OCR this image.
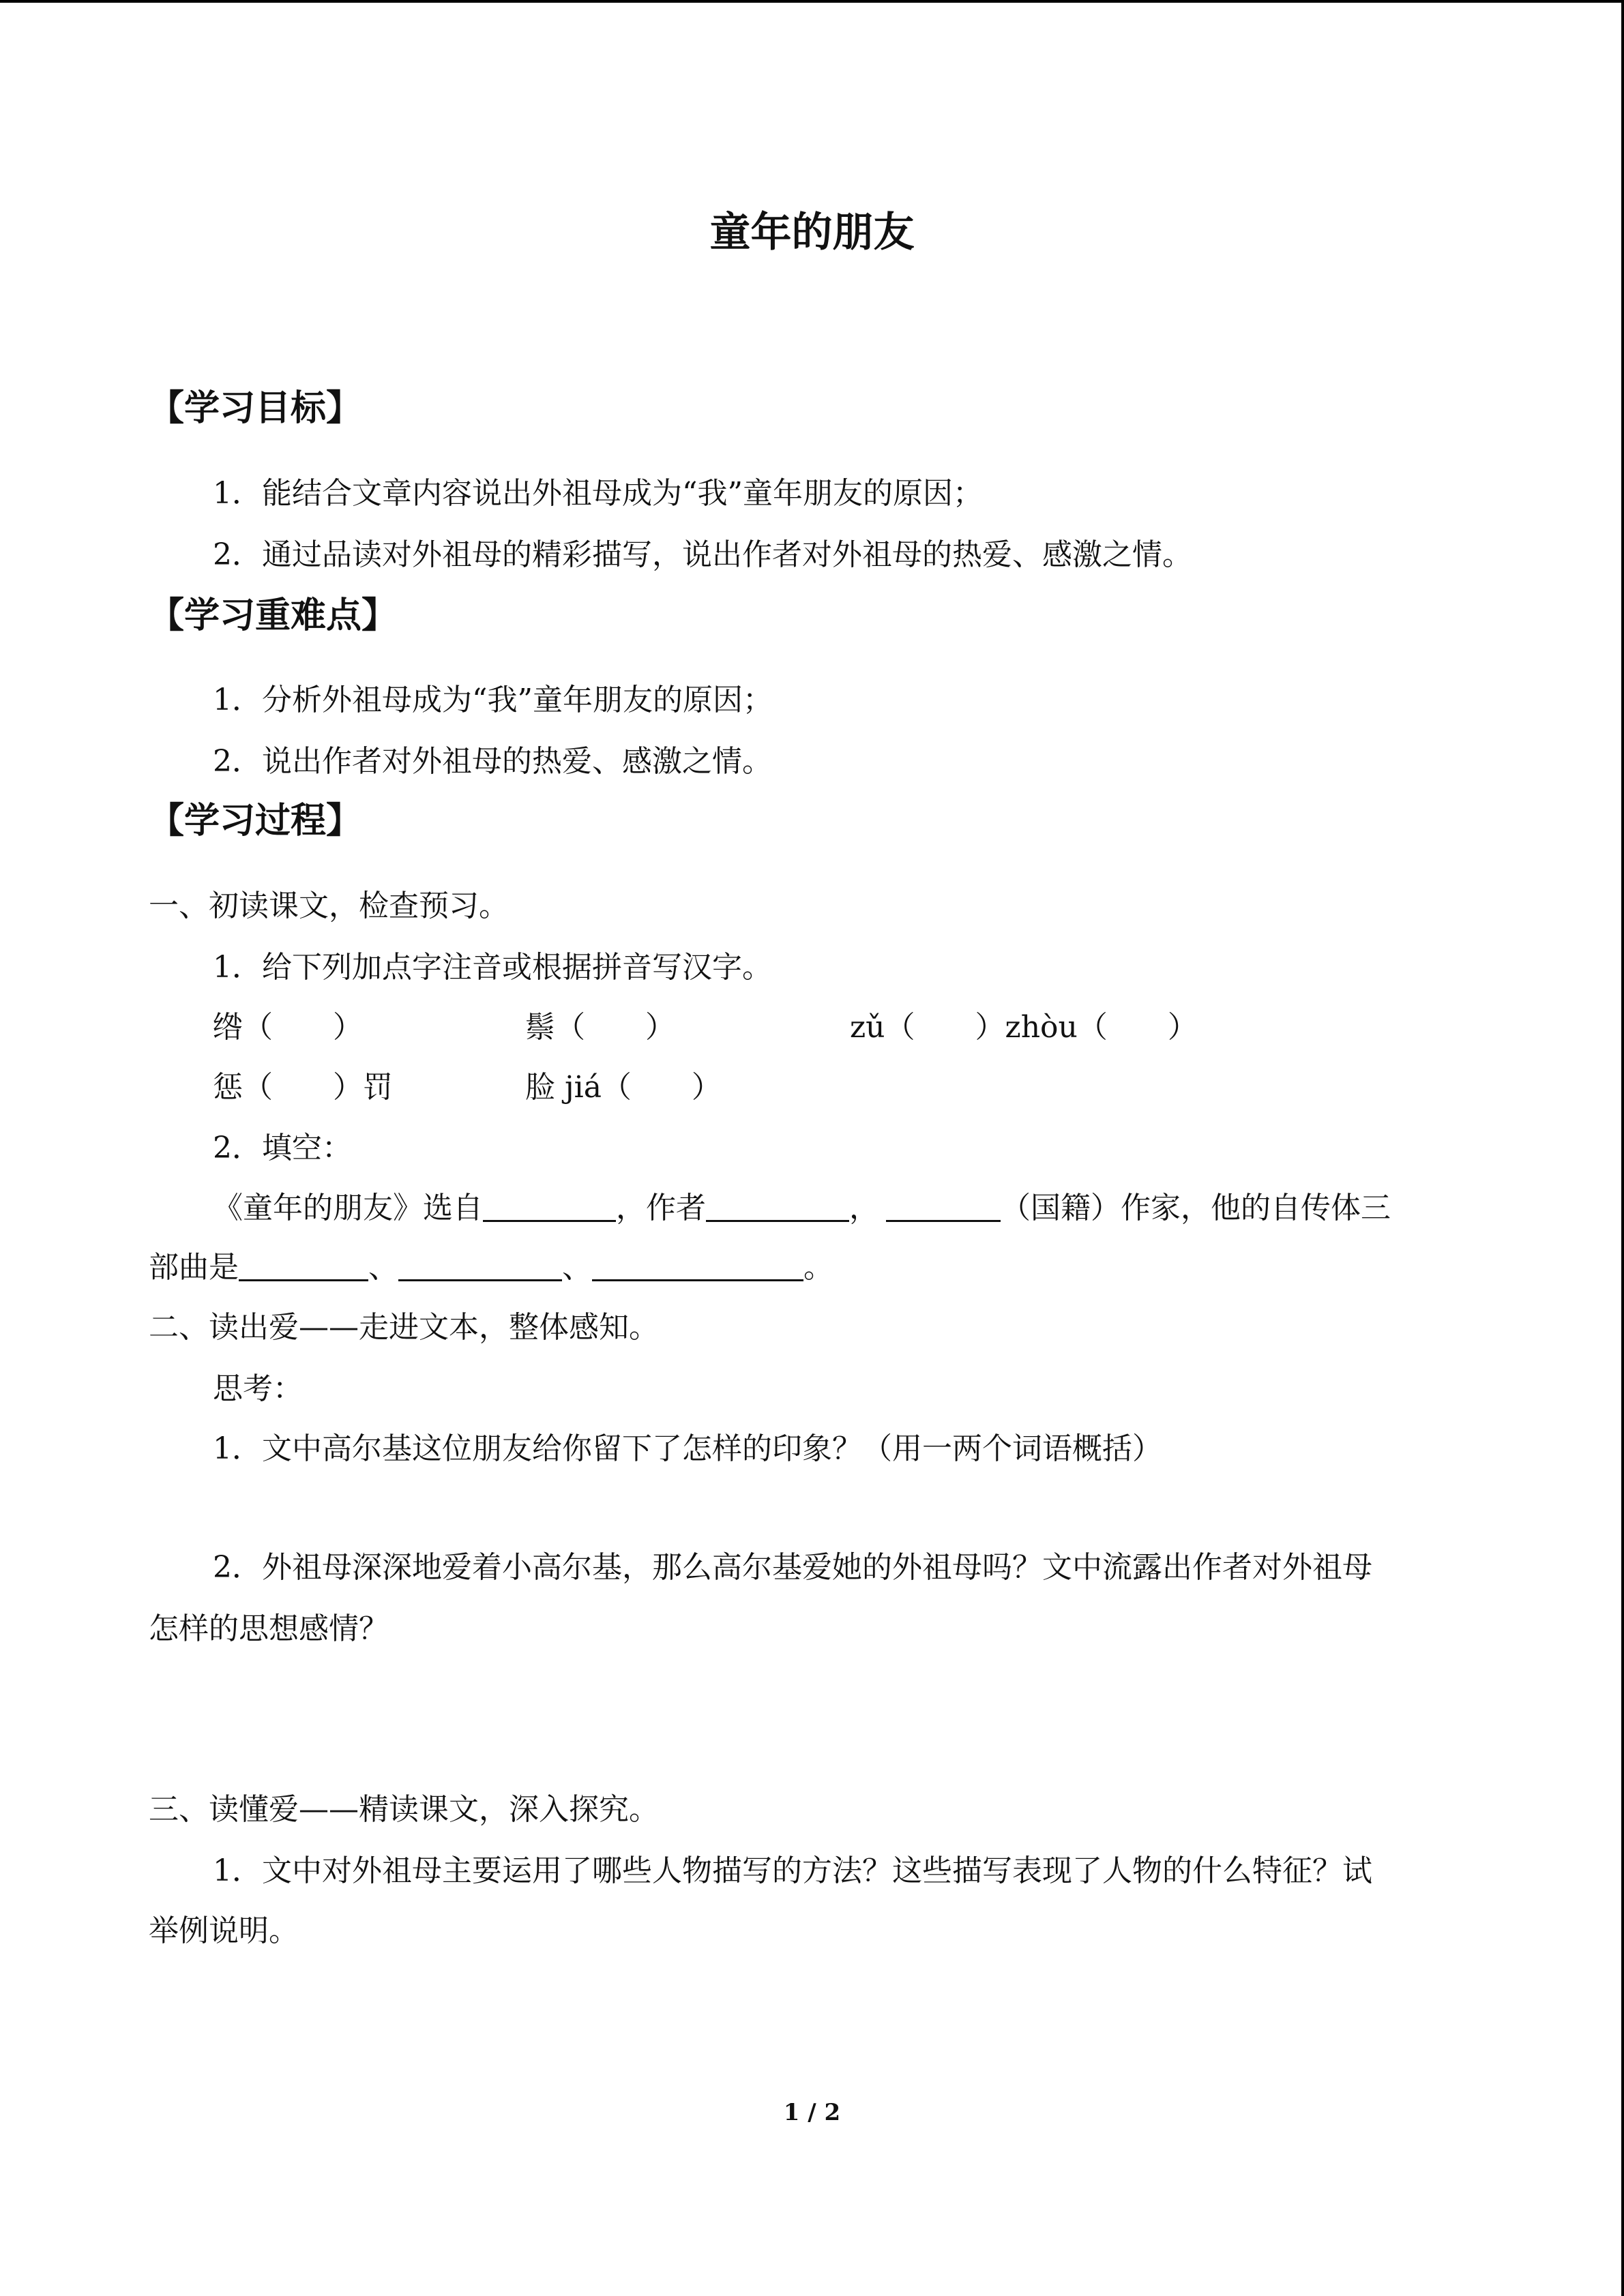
童年的朋友
【学习目标】
1．能结合文章内容说出外祖母成为“我”童年朋友的原因；
2．通过品读对外祖母的精彩描写，说出作者对外祖母的热爱、感激之情。
【学习重难点】
1．分析外祖母成为“我”童年朋友的原因；
2．说出作者对外祖母的热爱、感激之情。
【学习过程】
一、初读课文，检查预习。
1．给下列加点字注音或根据拼音写汉字。
绺（　　）	鬃（　　）	zǔ（　　）zhòu（　　）
惩（　　）罚	脸 jiá（　　）
2．填空：
《童年的朋友》选自	，作者	，	（国籍）作家，他的自传体三
部曲是	、	、	。
二、读出爱——走进文本，整体感知。
思考：
1．文中高尔基这位朋友给你留下了怎样的印象？（用一两个词语概括）
2．外祖母深深地爱着小高尔基，那么高尔基爱她的外祖母吗？文中流露出作者对外祖母
怎样的思想感情？
三、读懂爱——精读课文，深入探究。
1．文中对外祖母主要运用了哪些人物描写的方法？这些描写表现了人物的什么特征？试
举例说明。
1 / 2
